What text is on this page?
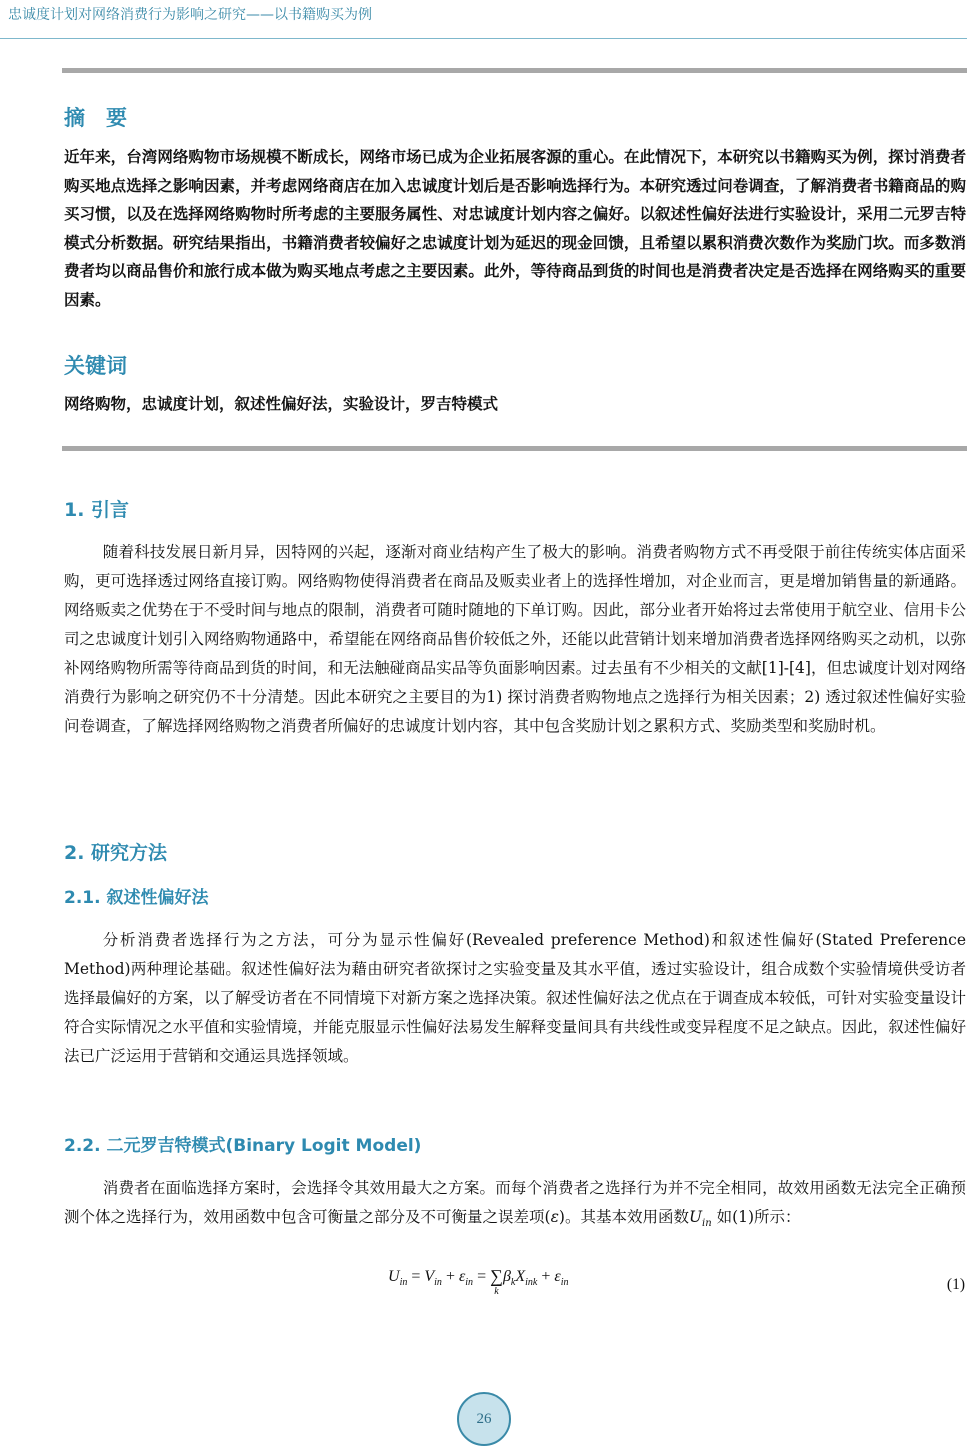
忠诚度计划对网络消费行为影响之研究——以书籍购买为例
摘　要

近年来，台湾网络购物市场规模不断成长，网络市场已成为企业拓展客源的重心。在此情况下，本研究以书籍购买为例，探讨消费者购买地点选择之影响因素，并考虑网络商店在加入忠诚度计划后是否影响选择行为。本研究透过问卷调查，了解消费者书籍商品的购买习惯，以及在选择网络购物时所考虑的主要服务属性、对忠诚度计划内容之偏好。以叙述性偏好法进行实验设计，采用二元罗吉特模式分析数据。研究结果指出，书籍消费者较偏好之忠诚度计划为延迟的现金回馈，且希望以累积消费次数作为奖励门坎。而多数消费者均以商品售价和旅行成本做为购买地点考虑之主要因素。此外，等待商品到货的时间也是消费者决定是否选择在网络购买的重要因素。

关键词
网络购物，忠诚度计划，叙述性偏好法，实验设计，罗吉特模式
1. 引言

随着科技发展日新月异，因特网的兴起，逐渐对商业结构产生了极大的影响。消费者购物方式不再受限于前往传统实体店面采购，更可选择透过网络直接订购。网络购物使得消费者在商品及贩卖业者上的选择性增加，对企业而言，更是增加销售量的新通路。网络贩卖之优势在于不受时间与地点的限制，消费者可随时随地的下单订购。因此，部分业者开始将过去常使用于航空业、信用卡公司之忠诚度计划引入网络购物通路中，希望能在网络商品售价较低之外，还能以此营销计划来增加消费者选择网络购买之动机，以弥补网络购物所需等待商品到货的时间，和无法触碰商品实品等负面影响因素。过去虽有不少相关的文献[1]-[4]，但忠诚度计划对网络消费行为影响之研究仍不十分清楚。因此本研究之主要目的为1) 探讨消费者购物地点之选择行为相关因素；2) 透过叙述性偏好实验问卷调查，了解选择网络购物之消费者所偏好的忠诚度计划内容，其中包含奖励计划之累积方式、奖励类型和奖励时机。

2. 研究方法
2.1. 叙述性偏好法

分析消费者选择行为之方法，可分为显示性偏好(Revealed preference Method)和叙述性偏好(Stated Preference Method)两种理论基础。叙述性偏好法为藉由研究者欲探讨之实验变量及其水平值，透过实验设计，组合成数个实验情境供受访者选择最偏好的方案，以了解受访者在不同情境下对新方案之选择决策。叙述性偏好法之优点在于调查成本较低，可针对实验变量设计符合实际情况之水平值和实验情境，并能克服显示性偏好法易发生解释变量间具有共线性或变异程度不足之缺点。因此，叙述性偏好法已广泛运用于营销和交通运具选择领域。

2.2. 二元罗吉特模式(Binary Logit Model)

消费者在面临选择方案时，会选择令其效用最大之方案。而每个消费者之选择行为并不完全相同，故效用函数无法完全正确预测个体之选择行为，效用函数中包含可衡量之部分及不可衡量之误差项(ε)。其基本效用函数$U_{in}$ 如(1)所示：

$U_{in} = V_{in} + \varepsilon_{in}$ = ∑
k
$\beta_kX_{ink} + \varepsilon_{in}$	(1)
26
